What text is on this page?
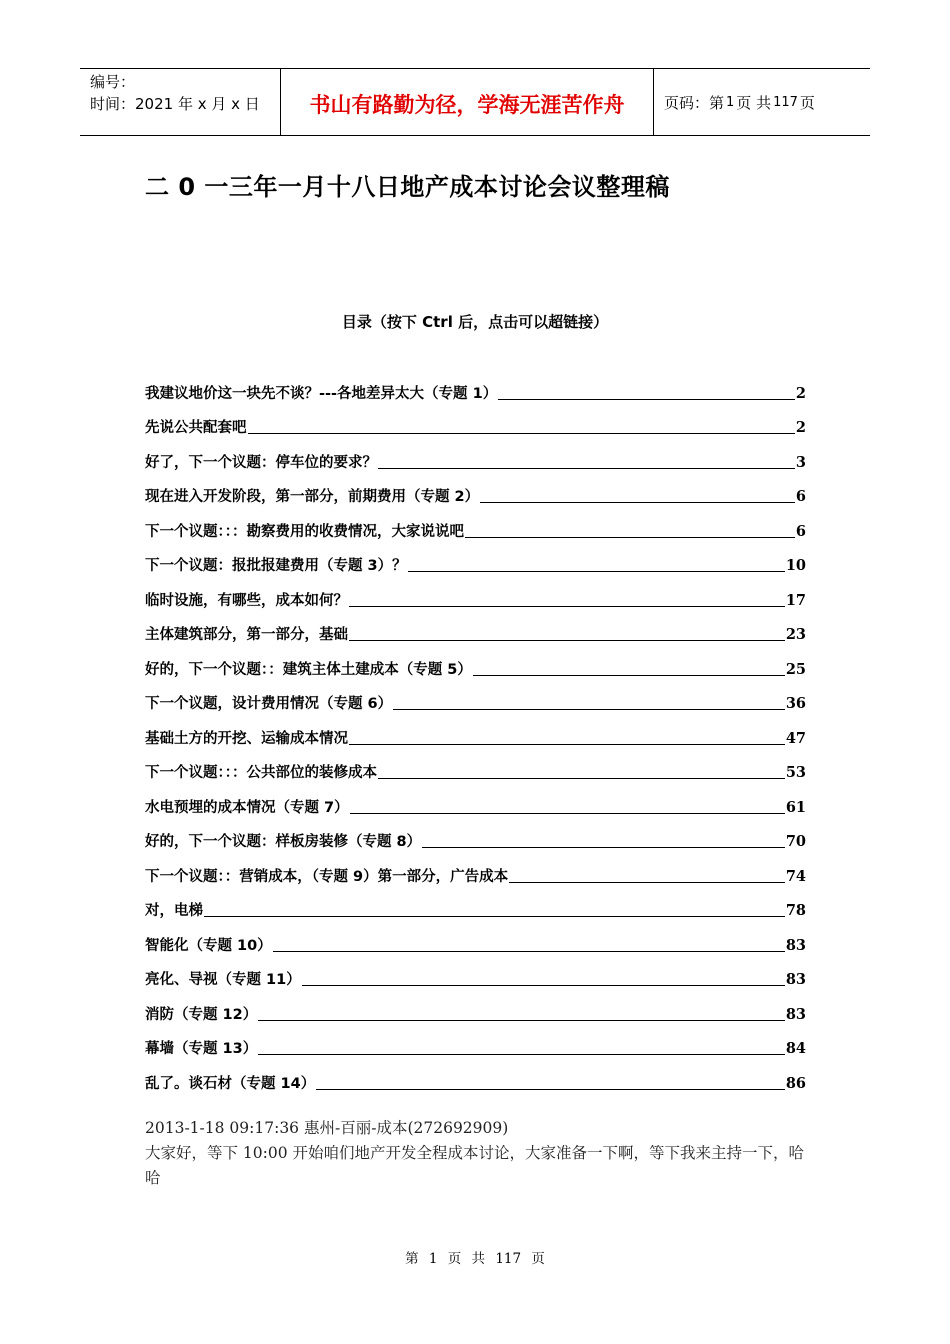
编号：
时间：2021 年 x 月 x 日	书山有路勤为径，学海无涯苦作舟	页码：第 1 页 共 117 页
二 0 一三年一月十八日地产成本讨论会议整理稿
目录（按下 Ctrl 后，点击可以超链接）
我建议地价这一块先不谈？---各地差异太大（专题 1）	2
先说公共配套吧	2
好了，下一个议题：停车位的要求？	3
现在进入开发阶段，第一部分，前期费用（专题 2）	6
下一个议题：：：勘察费用的收费情况，大家说说吧	6
下一个议题：报批报建费用（专题 3）？	10
临时设施，有哪些，成本如何？	17
主体建筑部分，第一部分，基础	23
好的，下一个议题：：建筑主体土建成本（专题 5）	25
下一个议题，设计费用情况（专题 6）	36
基础土方的开挖、运输成本情况	47
下一个议题：：：公共部位的装修成本	53
水电预埋的成本情况（专题 7）	61
好的，下一个议题：样板房装修（专题 8）	70
下一个议题：：营销成本，（专题 9）第一部分，广告成本	74
对，电梯	78
智能化（专题 10）	83
亮化、导视（专题 11）	83
消防（专题 12）	83
幕墙（专题 13）	84
乱了。谈石材（专题 14）	86
2013-1-18 09:17:36 惠州-百丽-成本(272692909)
大家好，等下 10:00 开始咱们地产开发全程成本讨论，大家准备一下啊，等下我来主持一下，哈哈
第 1 页 共 117 页
